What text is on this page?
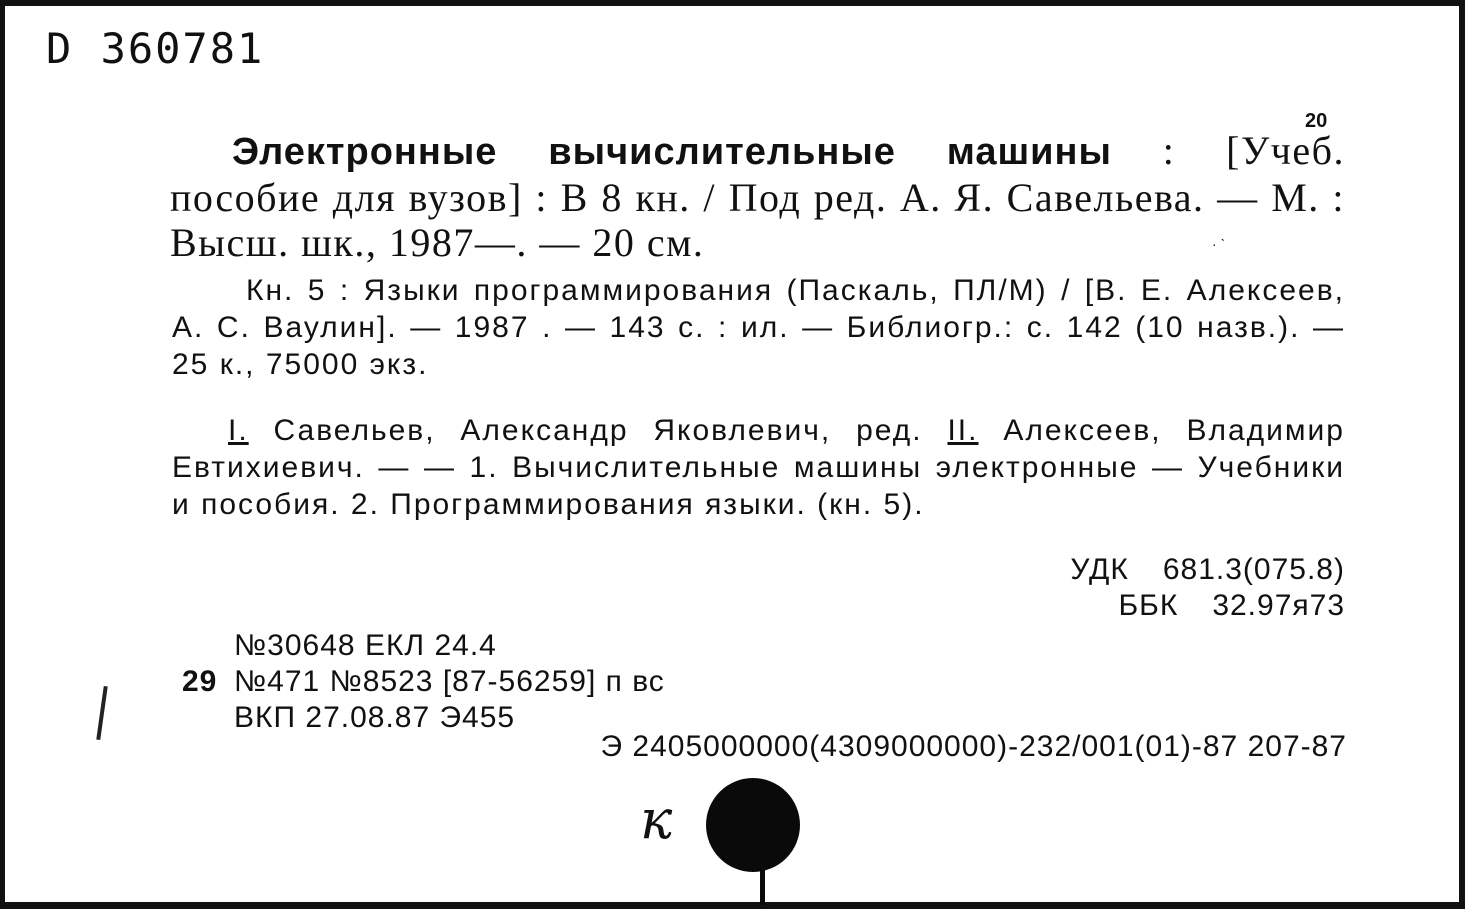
D 360781
20
Электронные вычислительные машины : [Учеб. пособие для вузов] : В 8 кн. / Под ред. А. Я. Савельева. — М. : Высш. шк., 1987—. — 20 см.
Кн. 5 : Языки программирования (Паскаль, ПЛ/М) / [В. Е. Алексеев, А. С. Ваулин]. — 1987 . — 143 с. : ил. — Библиогр.: с. 142 (10 назв.). — 25 к., 75000 экз.
I. Савельев, Александр Яковлевич, ред. II. Алексеев, Владимир Евтихиевич. — — 1. Вычислительные машины электронные — Учебники и пособия. 2. Программирования языки. (кн. 5).
УДК 681.3(075.8)
ББК 32.97я73
№30648 ЕКЛ 24.4
29 №471 №8523 [87-56259] п вс
ВКП 27.08.87 Э455
Э 2405000000(4309000000)-232/001(01)-87 207-87
к
· ˋ
